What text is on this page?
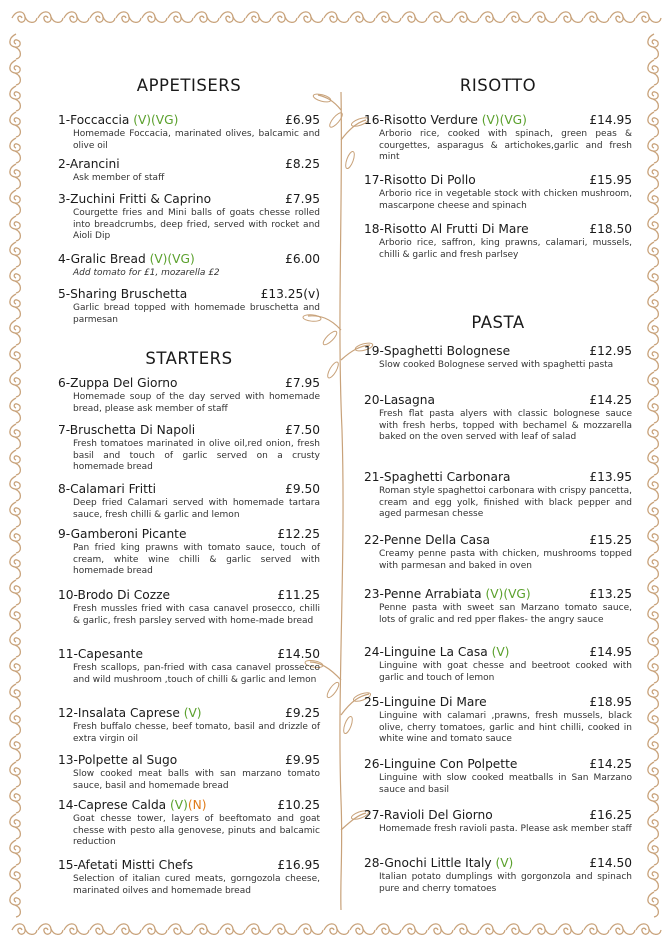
APPETISERS
1-Foccaccia (V)(VG)	£6.95
Homemade Foccacia, marinated olives, balcamic and olive oil
2-Arancini	£8.25
Ask member of staff
3-Zuchini Fritti & Caprino	£7.95
Courgette fries and Mini balls of goats chesse rolled into breadcrumbs, deep fried, served with rocket and Aioli Dip
4-Gralic Bread (V)(VG)	£6.00
Add tomato for £1, mozarella £2
5-Sharing Bruschetta	£13.25(v)
Garlic bread topped with homemade bruschetta and parmesan
STARTERS
6-Zuppa Del Giorno	£7.95
Homemade soup of the day served with homemade bread, please ask member of staff
7-Bruschetta Di Napoli	£7.50
Fresh tomatoes marinated in olive oil,red onion, fresh basil and touch of garlic served on a crusty homemade bread
8-Calamari Fritti	£9.50
Deep fried Calamari served with homemade tartara sauce, fresh chilli & garlic and lemon
9-Gamberoni Picante	£12.25
Pan fried king prawns with tomato sauce, touch of cream, white wine chilli & garlic served with homemade bread
10-Brodo Di Cozze	£11.25
Fresh mussles fried with casa canavel prosecco, chilli & garlic, fresh parsley served with home-made bread
11-Capesante	£14.50
Fresh scallops, pan-fried with casa canavel prossecco and wild mushroom ,touch of chilli & garlic and lemon
12-Insalata Caprese (V)	£9.25
Fresh buffalo chesse, beef tomato, basil and drizzle of extra virgin oil
13-Polpette al Sugo	£9.95
Slow cooked meat balls with san marzano tomato sauce, basil and homemade bread
14-Caprese Calda (V)(N)	£10.25
Goat chesse tower, layers of beeftomato and goat chesse with pesto alla genovese, pinuts and balcamic reduction
15-Afetati Mistti Chefs	£16.95
Selection of italian cured meats, gorngozola cheese, marinated oilves and homemade bread
RISOTTO
16-Risotto Verdure (V)(VG)	£14.95
Arborio rice, cooked with spinach, green peas & courgettes, asparagus & artichokes,garlic and fresh mint
17-Risotto Di Pollo	£15.95
Arborio rice in vegetable stock with chicken mushroom, mascarpone cheese and spinach
18-Risotto Al Frutti Di Mare	£18.50
Arborio rice, saffron, king prawns, calamari, mussels, chilli & garlic and fresh parlsey
PASTA
19-Spaghetti Bolognese	£12.95
Slow cooked Bolognese served with spaghetti pasta
20-Lasagna	£14.25
Fresh flat pasta alyers with classic bolognese sauce with fresh herbs, topped with bechamel & mozzarella baked on the oven served with leaf of salad
21-Spaghetti Carbonara	£13.95
Roman style spaghettoi carbonara with crispy pancetta, cream and egg yolk, finished with black pepper and aged parmesan chesse
22-Penne Della Casa	£15.25
Creamy penne pasta with chicken, mushrooms topped with parmesan and baked in oven
23-Penne Arrabiata (V)(VG)	£13.25
Penne pasta with sweet san Marzano tomato sauce, lots of gralic and red pper flakes- the angry sauce
24-Linguine La Casa (V)	£14.95
Linguine with goat chesse and beetroot cooked with garlic and touch of lemon
25-Linguine Di Mare	£18.95
Linguine with calamari ,prawns, fresh mussels, black olive, cherry tomatoes, garlic and hint chilli, cooked in white wine and tomato sauce
26-Linguine Con Polpette	£14.25
Linguine with slow cooked meatballs in San Marzano sauce and basil
27-Ravioli Del Giorno	£16.25
Homemade fresh ravioli pasta. Please ask member staff
28-Gnochi Little Italy (V)	£14.50
Italian potato dumplings with gorgonzola and spinach pure and cherry tomatoes
